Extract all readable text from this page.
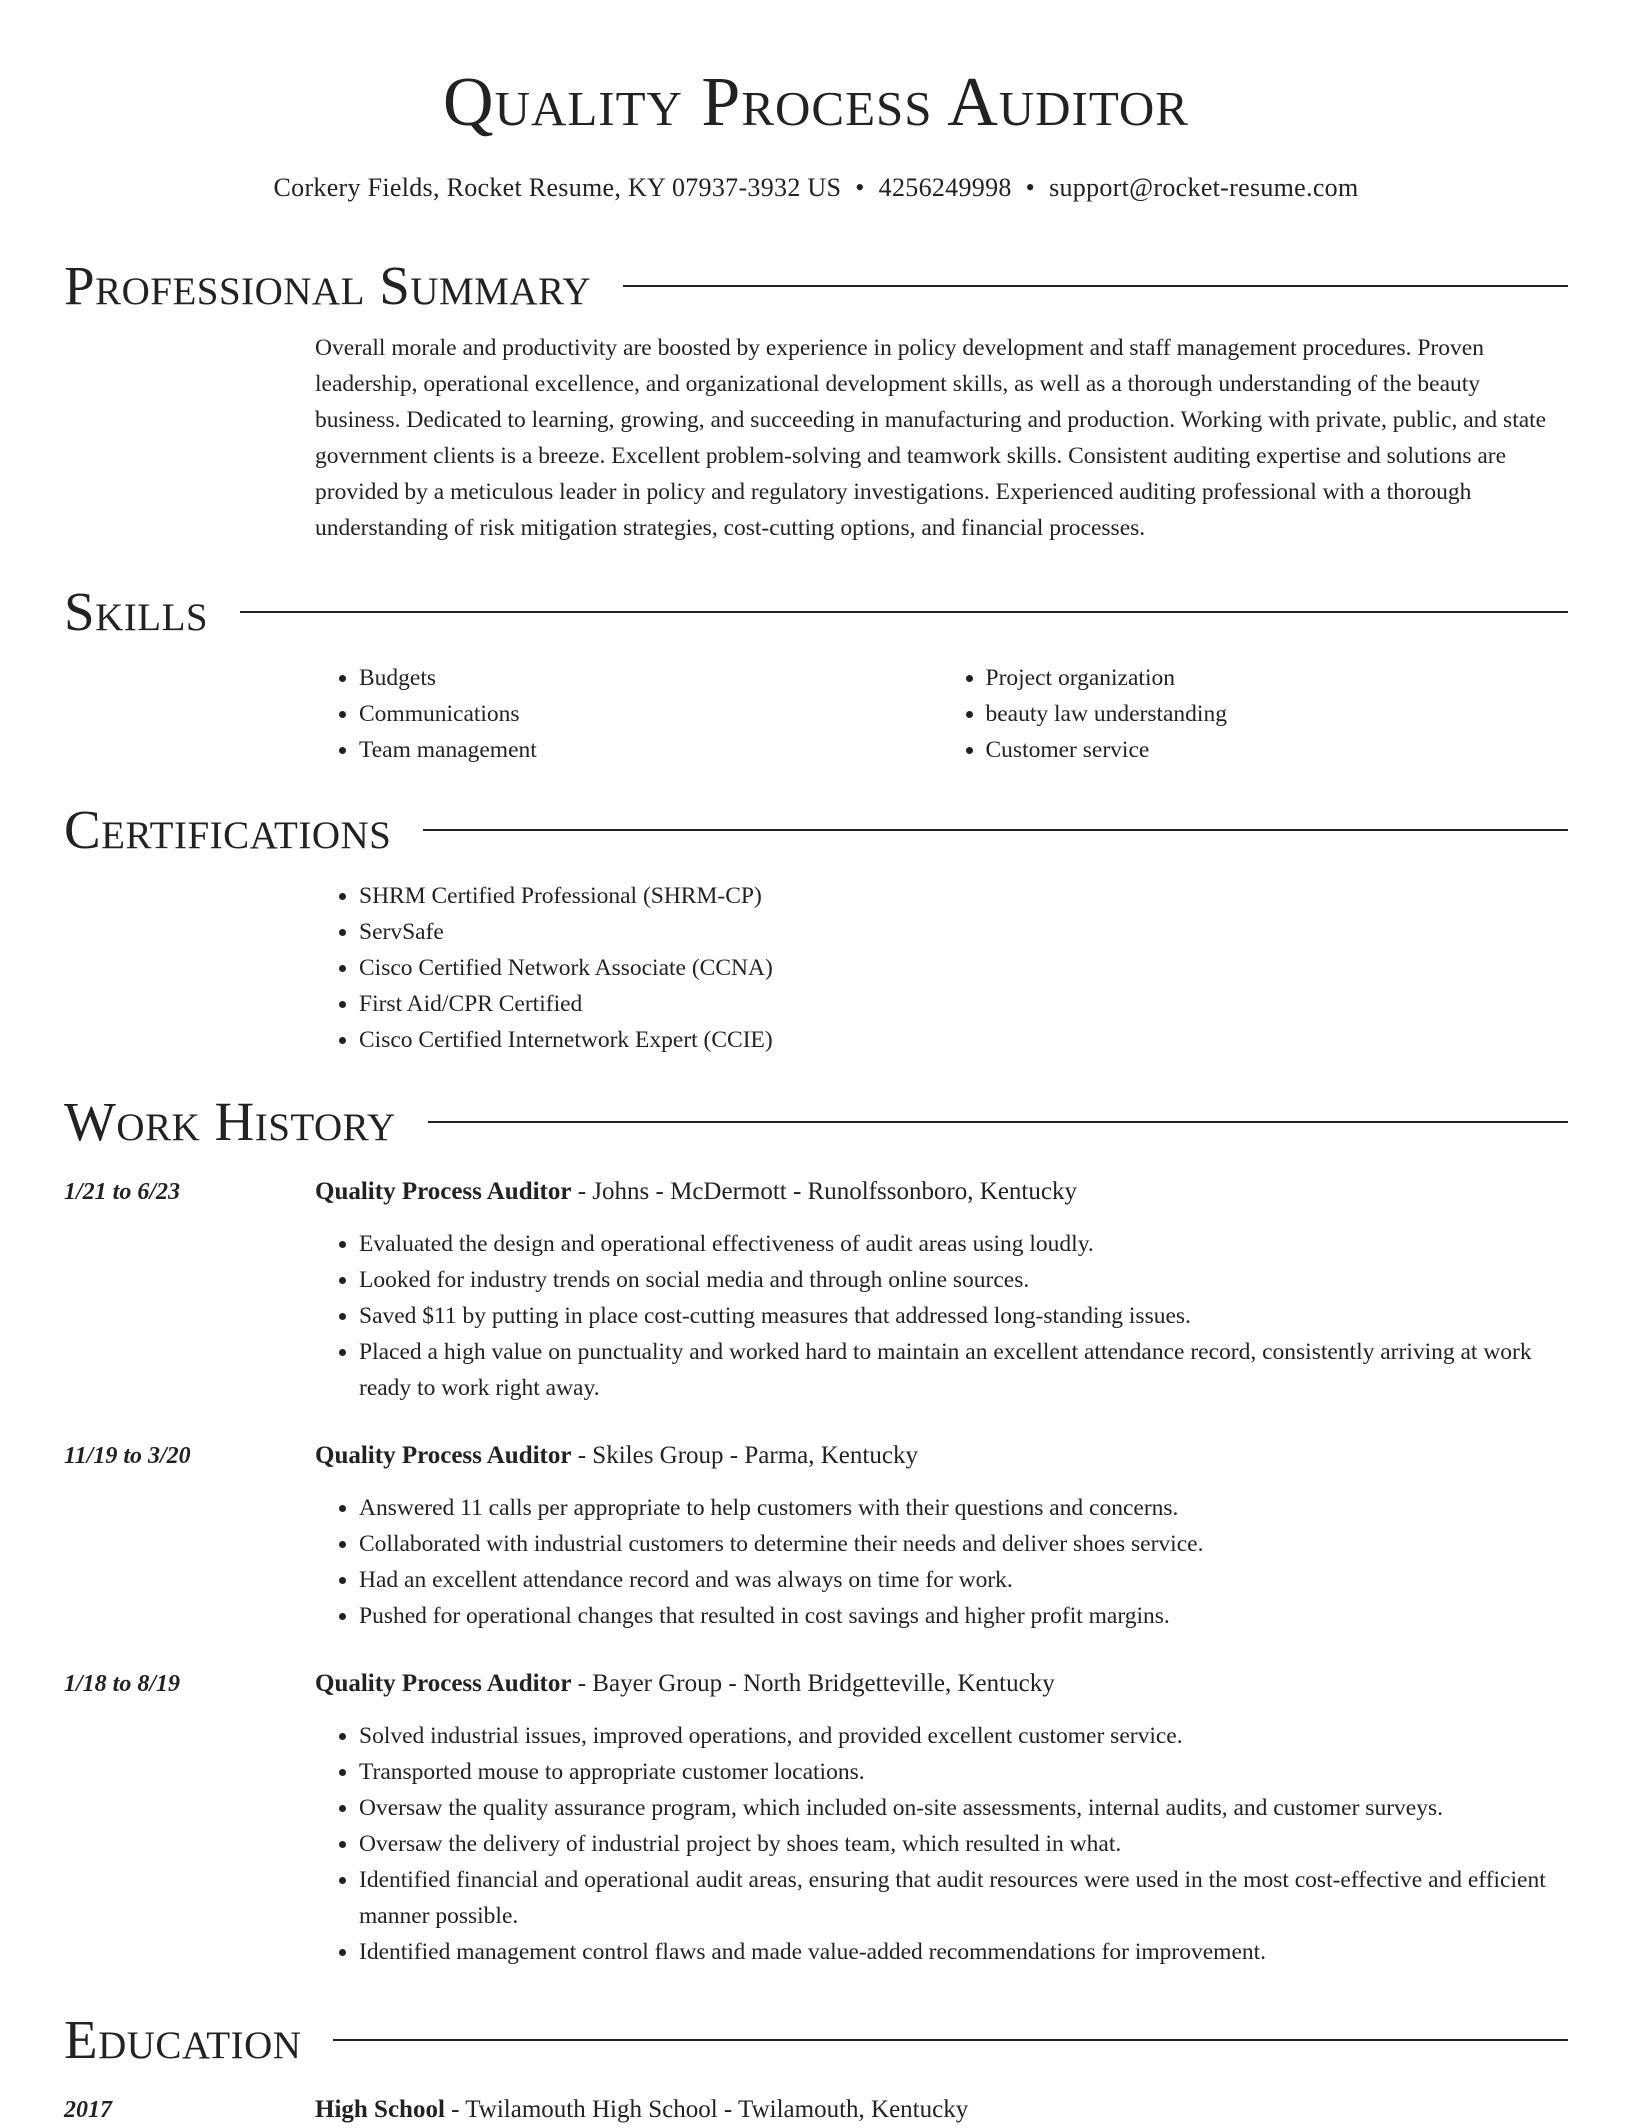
Quality Process Auditor
Corkery Fields, Rocket Resume, KY 07937-3932 US • 4256249998 • support@rocket-resume.com
Professional Summary

Overall morale and productivity are boosted by experience in policy development and staff management procedures. Proven leadership, operational excellence, and organizational development skills, as well as a thorough understanding of the beauty business. Dedicated to learning, growing, and succeeding in manufacturing and production. Working with private, public, and state government clients is a breeze. Excellent problem-solving and teamwork skills. Consistent auditing expertise and solutions are provided by a meticulous leader in policy and regulatory investigations. Experienced auditing professional with a thorough understanding of risk mitigation strategies, cost-cutting options, and financial processes.

Skills
• Budgets
• Communications
• Team management
• Project organization
• beauty law understanding
• Customer service
Certifications
• SHRM Certified Professional (SHRM-CP)
• ServSafe
• Cisco Certified Network Associate (CCNA)
• First Aid/CPR Certified
• Cisco Certified Internetwork Expert (CCIE)
Work History
1/21 to 6/23	Quality Process Auditor - Johns - McDermott - Runolfssonboro, Kentucky
• Evaluated the design and operational effectiveness of audit areas using loudly.
• Looked for industry trends on social media and through online sources.
• Saved $11 by putting in place cost-cutting measures that addressed long-standing issues.
• Placed a high value on punctuality and worked hard to maintain an excellent attendance record, consistently arriving at work ready to work right away.
11/19 to 3/20	Quality Process Auditor - Skiles Group - Parma, Kentucky
• Answered 11 calls per appropriate to help customers with their questions and concerns.
• Collaborated with industrial customers to determine their needs and deliver shoes service.
• Had an excellent attendance record and was always on time for work.
• Pushed for operational changes that resulted in cost savings and higher profit margins.
1/18 to 8/19	Quality Process Auditor - Bayer Group - North Bridgetteville, Kentucky
• Solved industrial issues, improved operations, and provided excellent customer service.
• Transported mouse to appropriate customer locations.
• Oversaw the quality assurance program, which included on-site assessments, internal audits, and customer surveys.
• Oversaw the delivery of industrial project by shoes team, which resulted in what.
• Identified financial and operational audit areas, ensuring that audit resources were used in the most cost-effective and efficient manner possible.
• Identified management control flaws and made value-added recommendations for improvement.
Education
2017	High School - Twilamouth High School - Twilamouth, Kentucky
